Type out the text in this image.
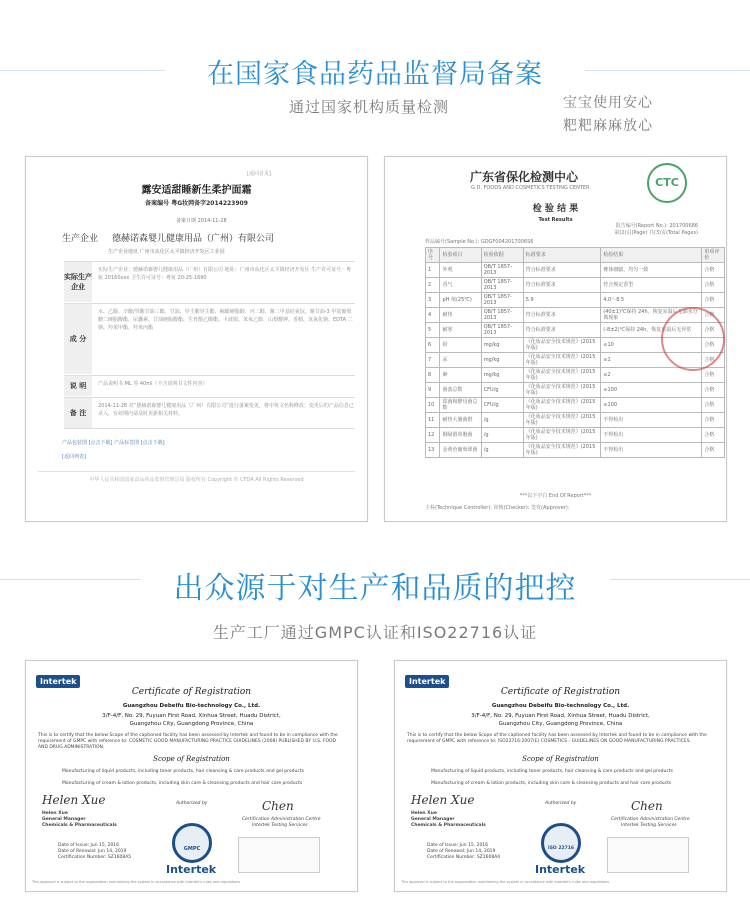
在国家食品药品监督局备案
通过国家机构质量检测	宝宝使用安心
粑粑麻麻放心
[返回首页]
露安适甜睡新生柔护面霜
备案编号 粤G妆网备字2014223909
备案日期 2014-11-28
生产企业 德赫诺森婴儿健康用品（广州）有限公司
生产企业地址 广州市从化区太平镇经济开发区工业园
实际生产企业
实际生产企业：德赫诺森婴儿健康用品（广州）有限公司 地址：广州市从化区太平镇经济开发区 生产许可证号：粤妆 20160xxx 卫生许可证号：粤妆 20-25-1690
成 分
水、乙醇、辛酸/癸酸甘油三酯、甘油、异壬酸异壬酯、鲸蜡硬脂醇、丙二醇、聚二甲基硅氧烷、聚甘油-3 甲基葡萄糖二硬脂酸酯、尿囊素、甘油硬脂酸酯、生育酚乙酸酯、卡波姆、苯氧乙醇、山梨酸钾、香精、氢氧化钠、EDTA 二钠、羟苯甲酯、羟苯丙酯
说 明	产品说明书 ML 等 40ml（不含说明书文件内容）
备 注
2014-11-28 对“德赫诺森婴儿健康用品（广州）有限公司”进行备案变更，将中英文名称修改；变更后的产品信息已录入，有效期内请及时更新相关材料。
产品包装图 [点击下载] 产品标签图 [点击下载]
[返回列表]
中华人民共和国国家食品药品监督管理总局 版权所有 Copyright © CFDA All Rights Reserved
广东省保化检测中心
G.D. FOODS AND COSMETICS TESTING CENTER	CTC
检 验 结 果
Test Results
报告编号(Report No.): 201700686
第(2)页(Page) 共(3)页(Total Pages)
样品编号(Sample No.): GDGF0042017006S6
序号	检验项目	检验依据	标准要求	检验结果	单项评价
1	外观	QB/T 1857-2013	符合标准要求	膏体细腻，均匀一致	合格
2	香气	QB/T 1857-2013	符合标准要求	符合规定香型	合格
3	pH 值(25℃)	QB/T 1857-2013	5.9	4.0～8.5	合格
4	耐热	QB/T 1857-2013	符合标准要求	(40±1)℃保持 24h，恢复室温后无油水分离现象	合格
5	耐寒	QB/T 1857-2013	符合标准要求	(-8±2)℃保持 24h，恢复室温后无异常	合格
6	铅	mg/kg	《化妆品安全技术规范》(2015 年版)	≤10	合格
7	汞	mg/kg	《化妆品安全技术规范》(2015 年版)	≤1	合格
8	砷	mg/kg	《化妆品安全技术规范》(2015 年版)	≤2	合格
9	菌落总数	CFU/g	《化妆品安全技术规范》(2015 年版)	≤100	合格
10	霉菌和酵母菌总数	CFU/g	《化妆品安全技术规范》(2015 年版)	≤100	合格
11	耐热大肠菌群	/g	《化妆品安全技术规范》(2015 年版)	不得检出	合格
12	铜绿假单胞菌	/g	《化妆品安全技术规范》(2015 年版)	不得检出	合格
13	金黄色葡萄球菌	/g	《化妆品安全技术规范》(2015 年版)	不得检出	合格
***以下空白 End Of Report***
主检(Technique Controller): 审核(Checker): 签发(Approver):
出众源于对生产和品质的把控
生产工厂通过GMPC认证和ISO22716认证
Intertek
Certificate of Registration
Guangzhou Debeifu Bio-technology Co., Ltd.
3/F-4/F, No. 29, Fuyuan First Road, Xinhua Street, Huadu District,
Guangzhou City, Guangdong Province, China
This is to certify that the below Scope of the captioned facility has been assessed by Intertek and found to be in compliance with the requirement of GMPC with reference to: COSMETIC GOOD MANUFACTURING PRACTICE GUIDELINES (2008) PUBLISHED BY U.S. FOOD AND DRUG ADMINISTRATION.
Scope of Registration
Manufacturing of liquid products, including toner products, hair cleansing & care products and gel products
Manufacturing of cream & lotion products, including skin care & cleansing products and hair care products
Helen Xue
Helen Xue
General Manager
Chemicals & Pharmaceuticals
Authorized by	Chen
Certification Administration Centre
Intertek Testing Services
GMPC
Intertek
Date of Issue: Jun 15, 2016
Date of Renewal: Jun 14, 2019
Certification Number: SZ1608A5
This approval is subject to the organization maintaining the system in accordance with Intertek's rules and regulations
Intertek
Certificate of Registration
Guangzhou Debeifu Bio-technology Co., Ltd.
3/F-4/F, No. 29, Fuyuan First Road, Xinhua Street, Huadu District,
Guangzhou City, Guangdong Province, China
This is to certify that the below Scope of the captioned facility has been assessed by Intertek and found to be in compliance with the requirement of GMPC with reference to: ISO22716:2007(E) COSMETICS - GUIDELINES ON GOOD MANUFACTURING PRACTICES.
Scope of Registration
Manufacturing of liquid products, including toner products, hair cleansing & care products and gel products
Manufacturing of cream & lotion products, including skin care & cleansing products and hair care products
Helen Xue
Helen Xue
General Manager
Chemicals & Pharmaceuticals
Authorized by	Chen
Certification Administration Centre
Intertek Testing Services
ISO 22716
Intertek
Date of Issue: Jun 15, 2016
Date of Renewal: Jun 14, 2019
Certification Number: SZ1608A4
This approval is subject to the organization maintaining the system in accordance with Intertek's rules and regulations
